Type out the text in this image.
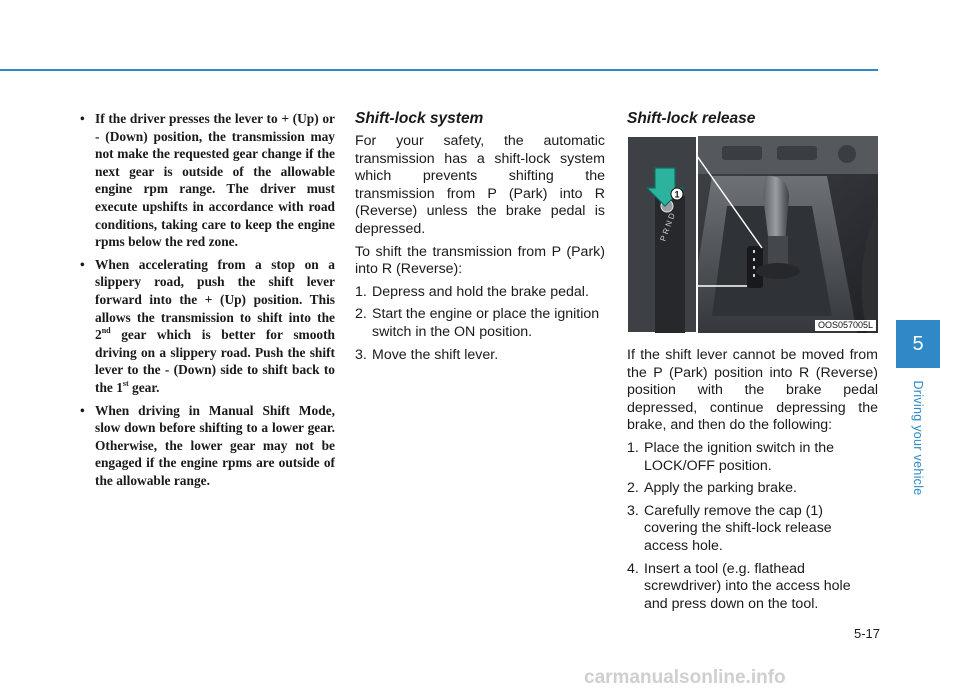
• If the driver presses the lever to + (Up) or - (Down) position, the transmission may not make the requested gear change if the next gear is outside of the allowable engine rpm range. The driver must execute upshifts in accordance with road conditions, taking care to keep the engine rpms below the red zone.
• When accelerating from a stop on a slippery road, push the shift lever forward into the + (Up) position. This allows the transmission to shift into the 2nd gear which is better for smooth driving on a slippery road. Push the shift lever to the - (Down) side to shift back to the 1st gear.
• When driving in Manual Shift Mode, slow down before shifting to a lower gear. Otherwise, the lower gear may not be engaged if the engine rpms are outside of the allowable range.
Shift-lock system

For your safety, the automatic transmission has a shift-lock system which prevents shifting the transmission from P (Park) into R (Reverse) unless the brake pedal is depressed.

To shift the transmission from P (Park) into R (Reverse):

1. Depress and hold the brake pedal.
2. Start the engine or place the ignition switch in the ON position.
3. Move the shift lever.
Shift-lock release
P R N D
1
OOS057005L

If the shift lever cannot be moved from the P (Park) position into R (Reverse) position with the brake pedal depressed, continue depressing the brake, and then do the following:

1. Place the ignition switch in the LOCK/OFF position.
2. Apply the parking brake.
3. Carefully remove the cap (1) covering the shift-lock release access hole.
4. Insert a tool (e.g. flathead screwdriver) into the access hole and press down on the tool.
5
Driving your vehicle
5-17
carmanualsonline.info
